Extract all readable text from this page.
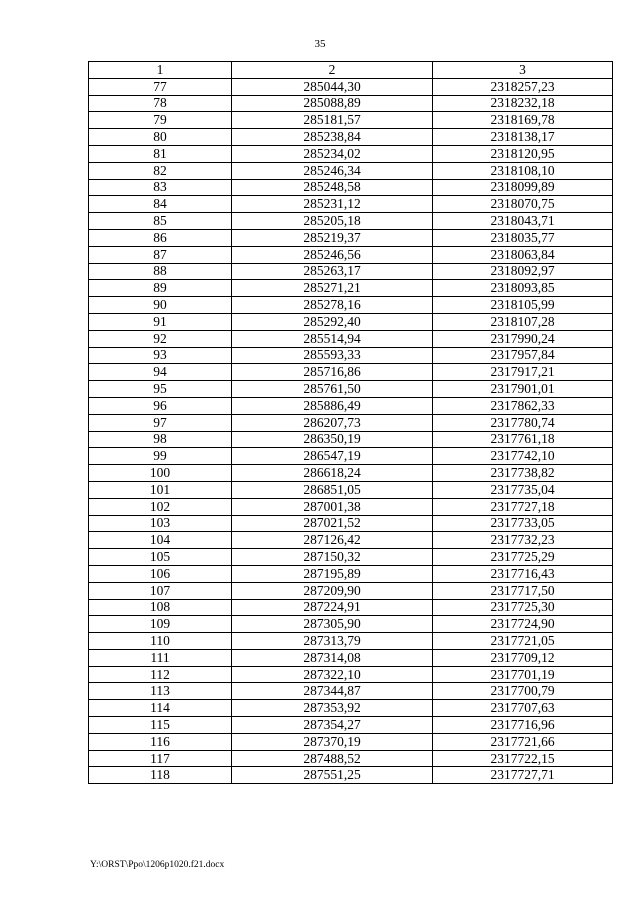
35
1	2	3
77	285044,30	2318257,23
78	285088,89	2318232,18
79	285181,57	2318169,78
80	285238,84	2318138,17
81	285234,02	2318120,95
82	285246,34	2318108,10
83	285248,58	2318099,89
84	285231,12	2318070,75
85	285205,18	2318043,71
86	285219,37	2318035,77
87	285246,56	2318063,84
88	285263,17	2318092,97
89	285271,21	2318093,85
90	285278,16	2318105,99
91	285292,40	2318107,28
92	285514,94	2317990,24
93	285593,33	2317957,84
94	285716,86	2317917,21
95	285761,50	2317901,01
96	285886,49	2317862,33
97	286207,73	2317780,74
98	286350,19	2317761,18
99	286547,19	2317742,10
100	286618,24	2317738,82
101	286851,05	2317735,04
102	287001,38	2317727,18
103	287021,52	2317733,05
104	287126,42	2317732,23
105	287150,32	2317725,29
106	287195,89	2317716,43
107	287209,90	2317717,50
108	287224,91	2317725,30
109	287305,90	2317724,90
110	287313,79	2317721,05
111	287314,08	2317709,12
112	287322,10	2317701,19
113	287344,87	2317700,79
114	287353,92	2317707,63
115	287354,27	2317716,96
116	287370,19	2317721,66
117	287488,52	2317722,15
118	287551,25	2317727,71
Y:\ORST\Ppo\1206p1020.f21.docx
